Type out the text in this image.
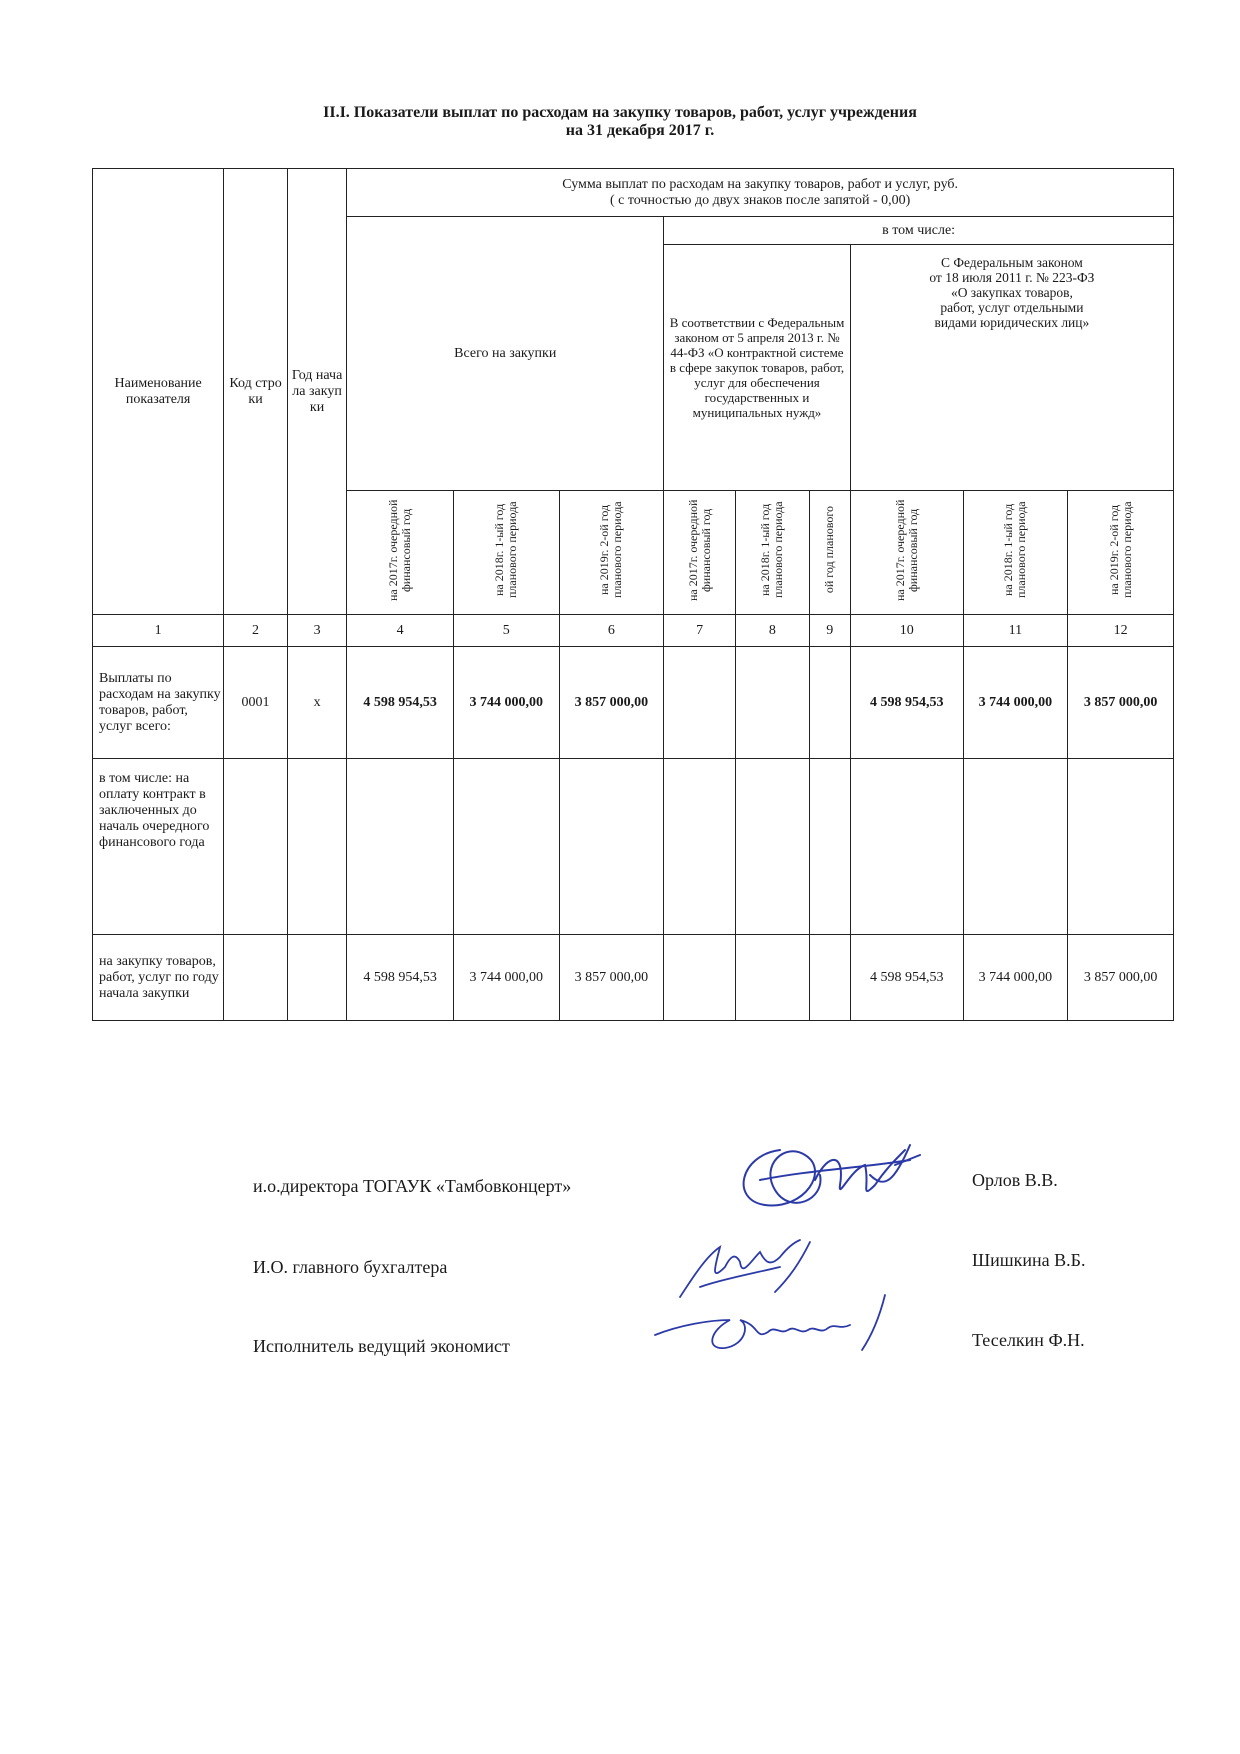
II.I. Показатели выплат по расходам на закупку товаров, работ, услуг учреждения
на 31 декабря 2017 г.
Наименование показателя	Код стро ки	Год нача ла закуп ки	Сумма выплат по расходам на закупку товаров, работ и услуг, руб.
( с точностью до двух знаков после запятой - 0,00)								

			Всего на закупки			в том числе:					
						В соответствии с Федеральным законом от 5 апреля 2013 г. № 44-ФЗ «О контрактной системе в сфере закупок товаров, работ, услуг для обеспечения государственных и муниципальных нужд»			С Федеральным законом
от 18 июля 2011 г. № 223-ФЗ
«О закупках товаров,
работ, услуг отдельными
видами юридических лиц»		

			на 2017г. очередной финансовый год	на 2018г. 1-ый год планового периода	на 2019г. 2-ой год планового периода	на 2017г. очередной финансовый год	на 2018г. 1-ый год планового периода	ой год планового	на 2017г. очередной финансовый год	на 2018г. 1-ый год планового периода	на 2019г. 2-ой год планового периода
1	2	3	4	5	6	7	8	9	10	11	12
Выплаты по расходам на закупку товаров, работ, услуг всего:	0001	x	4 598 954,53	3 744 000,00	3 857 000,00				4 598 954,53	3 744 000,00	3 857 000,00
в том числе: на оплату контракт в заключенных до началь очередного финансового года											
на закупку товаров, работ, услуг по году начала закупки			4 598 954,53	3 744 000,00	3 857 000,00				4 598 954,53	3 744 000,00	3 857 000,00
и.о.директора ТОГАУК «Тамбовконцерт»	Орлов В.В.
И.О. главного бухгалтера	Шишкина В.Б.
Исполнитель ведущий экономист	Теселкин Ф.Н.
